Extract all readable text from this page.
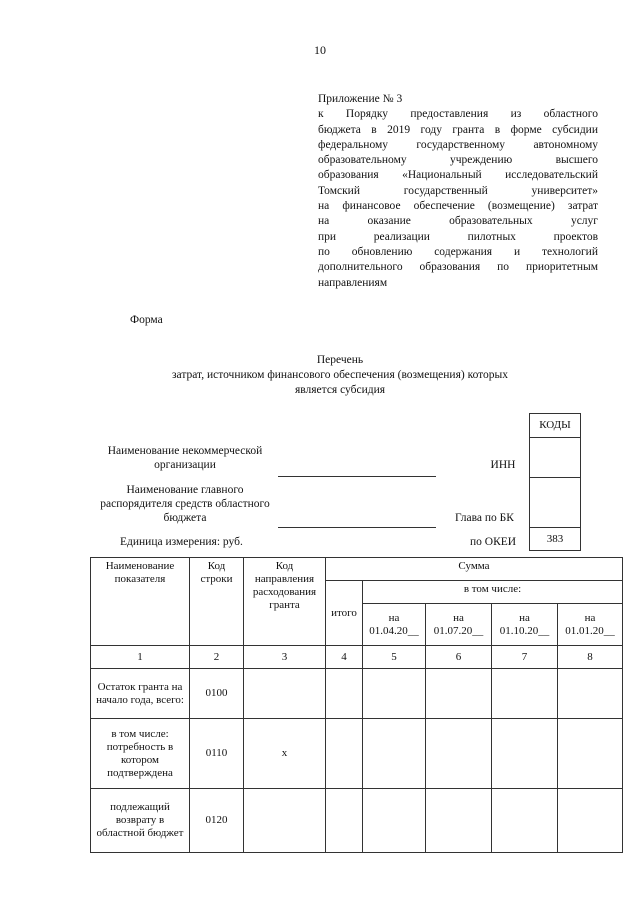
10
Приложение № 3
к Порядку предоставления из областного
бюджета в 2019 году гранта в форме субсидии
федеральному государственному автономному
образовательному учреждению высшего
образования «Национальный исследовательский
Томский государственный университет»
на финансовое обеспечение (возмещение) затрат
на оказание образовательных услуг
при реализации пилотных проектов
по обновлению содержания и технологий
дополнительного образования по приоритетным
направлениям
Форма
Перечень
затрат, источником финансового обеспечения (возмещения) которых
является субсидия
Наименование некоммерческой организации
Наименование главного распорядителя средств областного бюджета
Единица измерения: руб.
ИНН
Глава по БК
по ОКЕИ
КОДЫ

383
Наименование показателя	Код строки	Код направления расходования гранта	Сумма				
			итого	в том числе:			
				на 01.04.20__	на 01.07.20__	на 01.10.20__	на 01.01.20__
1	2	3	4	5	6	7	8
Остаток гранта на начало года, всего:	0100						
в том числе: потребность в котором подтверждена	0110	х					
подлежащий возврату в областной бюджет	0120						
